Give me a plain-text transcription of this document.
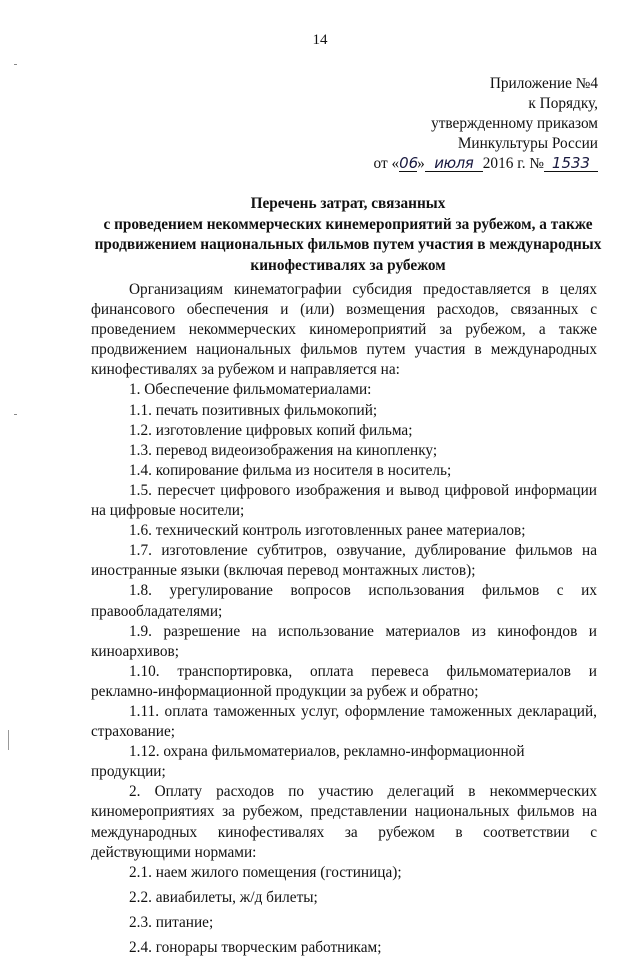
14
Приложение №4
к Порядку,
утвержденному приказом
Минкультуры России
от «06» июля 2016 г. № 1533
Перечень затрат, связанных
с проведением некоммерческих кинемероприятий за рубежом, а также
продвижением национальных фильмов путем участия в международных
кинофестивалях за рубежом

Организациям кинематографии субсидия предоставляется в целях финансового обеспечения и (или) возмещения расходов, связанных с проведением некоммерческих киномероприятий за рубежом, а также продвижением национальных фильмов путем участия в международных кинофестивалях за рубежом и направляется на:

1. Обеспечение фильмоматериалами:
1.1. печать позитивных фильмокопий;
1.2. изготовление цифровых копий фильма;
1.3. перевод видеоизображения на кинопленку;
1.4. копирование фильма из носителя в носитель;
1.5. пересчет цифрового изображения и вывод цифровой информации на цифровые носители;
1.6. технический контроль изготовленных ранее материалов;
1.7. изготовление субтитров, озвучание, дублирование фильмов на иностранные языки (включая перевод монтажных листов);
1.8. урегулирование вопросов использования фильмов с их правообладателями;
1.9. разрешение на использование материалов из кинофондов и киноархивов;
1.10. транспортировка, оплата перевеса фильмоматериалов и рекламно-информационной продукции за рубеж и обратно;
1.11. оплата таможенных услуг, оформление таможенных деклараций, страхование;
1.12. охрана фильмоматериалов, рекламно-информационной продукции;
2. Оплату расходов по участию делегаций в некоммерческих киномероприятиях за рубежом, представлении национальных фильмов на международных кинофестивалях за рубежом в соответствии с действующими нормами:
2.1. наем жилого помещения (гостиница);
2.2. авиабилеты, ж/д билеты;
2.3. питание;
2.4. гонорары творческим работникам;
